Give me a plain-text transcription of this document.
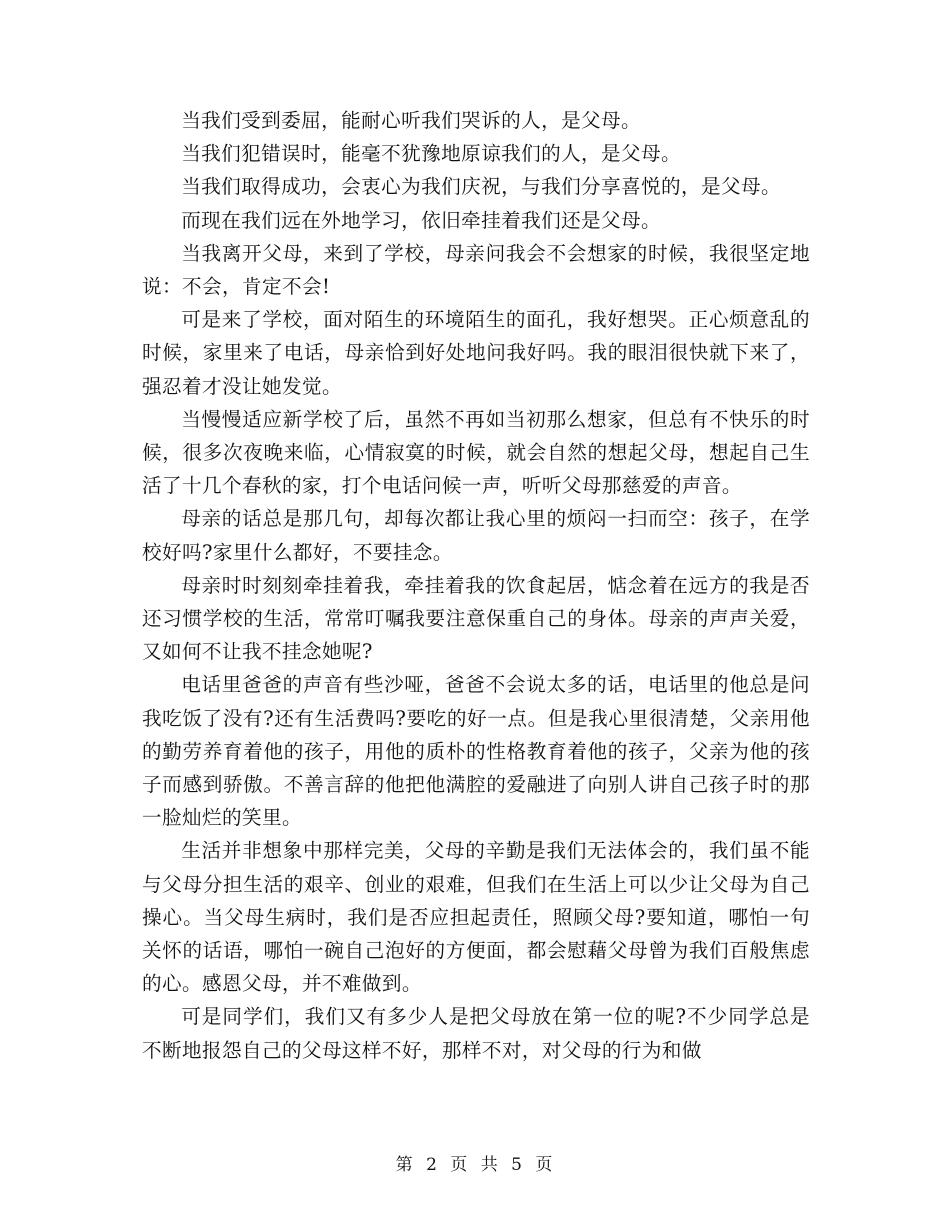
当我们受到委屈，能耐心听我们哭诉的人，是父母。

当我们犯错误时，能毫不犹豫地原谅我们的人，是父母。

当我们取得成功，会衷心为我们庆祝，与我们分享喜悦的，是父母。

而现在我们远在外地学习，依旧牵挂着我们还是父母。

当我离开父母，来到了学校，母亲问我会不会想家的时候，我很坚定地说：不会，肯定不会!

可是来了学校，面对陌生的环境陌生的面孔，我好想哭。正心烦意乱的时候，家里来了电话，母亲恰到好处地问我好吗。我的眼泪很快就下来了，强忍着才没让她发觉。

当慢慢适应新学校了后，虽然不再如当初那么想家，但总有不快乐的时候，很多次夜晚来临，心情寂寞的时候，就会自然的想起父母，想起自己生活了十几个春秋的家，打个电话问候一声，听听父母那慈爱的声音。

母亲的话总是那几句，却每次都让我心里的烦闷一扫而空：孩子，在学校好吗?家里什么都好，不要挂念。

母亲时时刻刻牵挂着我，牵挂着我的饮食起居，惦念着在远方的我是否还习惯学校的生活，常常叮嘱我要注意保重自己的身体。母亲的声声关爱，又如何不让我不挂念她呢?

电话里爸爸的声音有些沙哑，爸爸不会说太多的话，电话里的他总是问我吃饭了没有?还有生活费吗?要吃的好一点。但是我心里很清楚，父亲用他的勤劳养育着他的孩子，用他的质朴的性格教育着他的孩子，父亲为他的孩子而感到骄傲。不善言辞的他把他满腔的爱融进了向别人讲自己孩子时的那一脸灿烂的笑里。

生活并非想象中那样完美，父母的辛勤是我们无法体会的，我们虽不能与父母分担生活的艰辛、创业的艰难，但我们在生活上可以少让父母为自己操心。当父母生病时，我们是否应担起责任，照顾父母?要知道，哪怕一句关怀的话语，哪怕一碗自己泡好的方便面，都会慰藉父母曾为我们百般焦虑的心。感恩父母，并不难做到。

可是同学们，我们又有多少人是把父母放在第一位的呢?不少同学总是不断地报怨自己的父母这样不好，那样不对，对父母的行为和做

第 2 页 共 5 页
